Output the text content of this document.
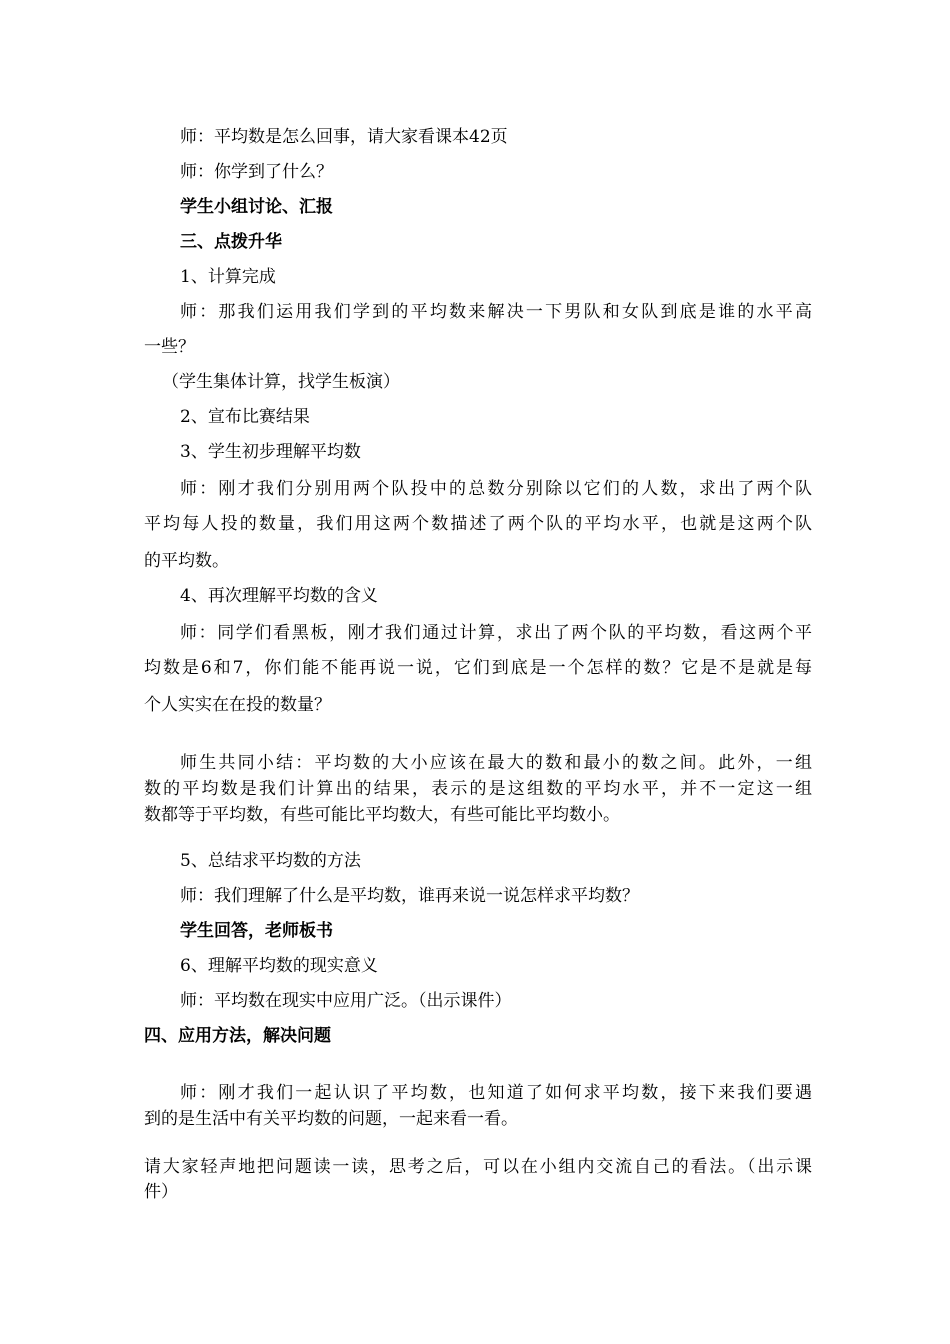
师：平均数是怎么回事，请大家看课本42页
师：你学到了什么？
学生小组讨论、汇报
三、点拨升华
1、计算完成
师：那我们运用我们学到的平均数来解决一下男队和女队到底是谁的水平高
一些？
（学生集体计算，找学生板演）
2、宣布比赛结果
3、学生初步理解平均数
师：刚才我们分别用两个队投中的总数分别除以它们的人数，求出了两个队
平均每人投的数量，我们用这两个数描述了两个队的平均水平，也就是这两个队
的平均数。
4、再次理解平均数的含义
师：同学们看黑板，刚才我们通过计算，求出了两个队的平均数，看这两个平
均数是6和7，你们能不能再说一说，它们到底是一个怎样的数？它是不是就是每
个人实实在在投的数量？
师生共同小结：平均数的大小应该在最大的数和最小的数之间。此外，一组
数的平均数是我们计算出的结果，表示的是这组数的平均水平，并不一定这一组
数都等于平均数，有些可能比平均数大，有些可能比平均数小。
5、总结求平均数的方法
师：我们理解了什么是平均数，谁再来说一说怎样求平均数？
学生回答，老师板书
6、理解平均数的现实意义
师：平均数在现实中应用广泛。（出示课件）
四、应用方法，解决问题
师：刚才我们一起认识了平均数，也知道了如何求平均数，接下来我们要遇
到的是生活中有关平均数的问题，一起来看一看。
请大家轻声地把问题读一读，思考之后，可以在小组内交流自己的看法。（出示课
件）
